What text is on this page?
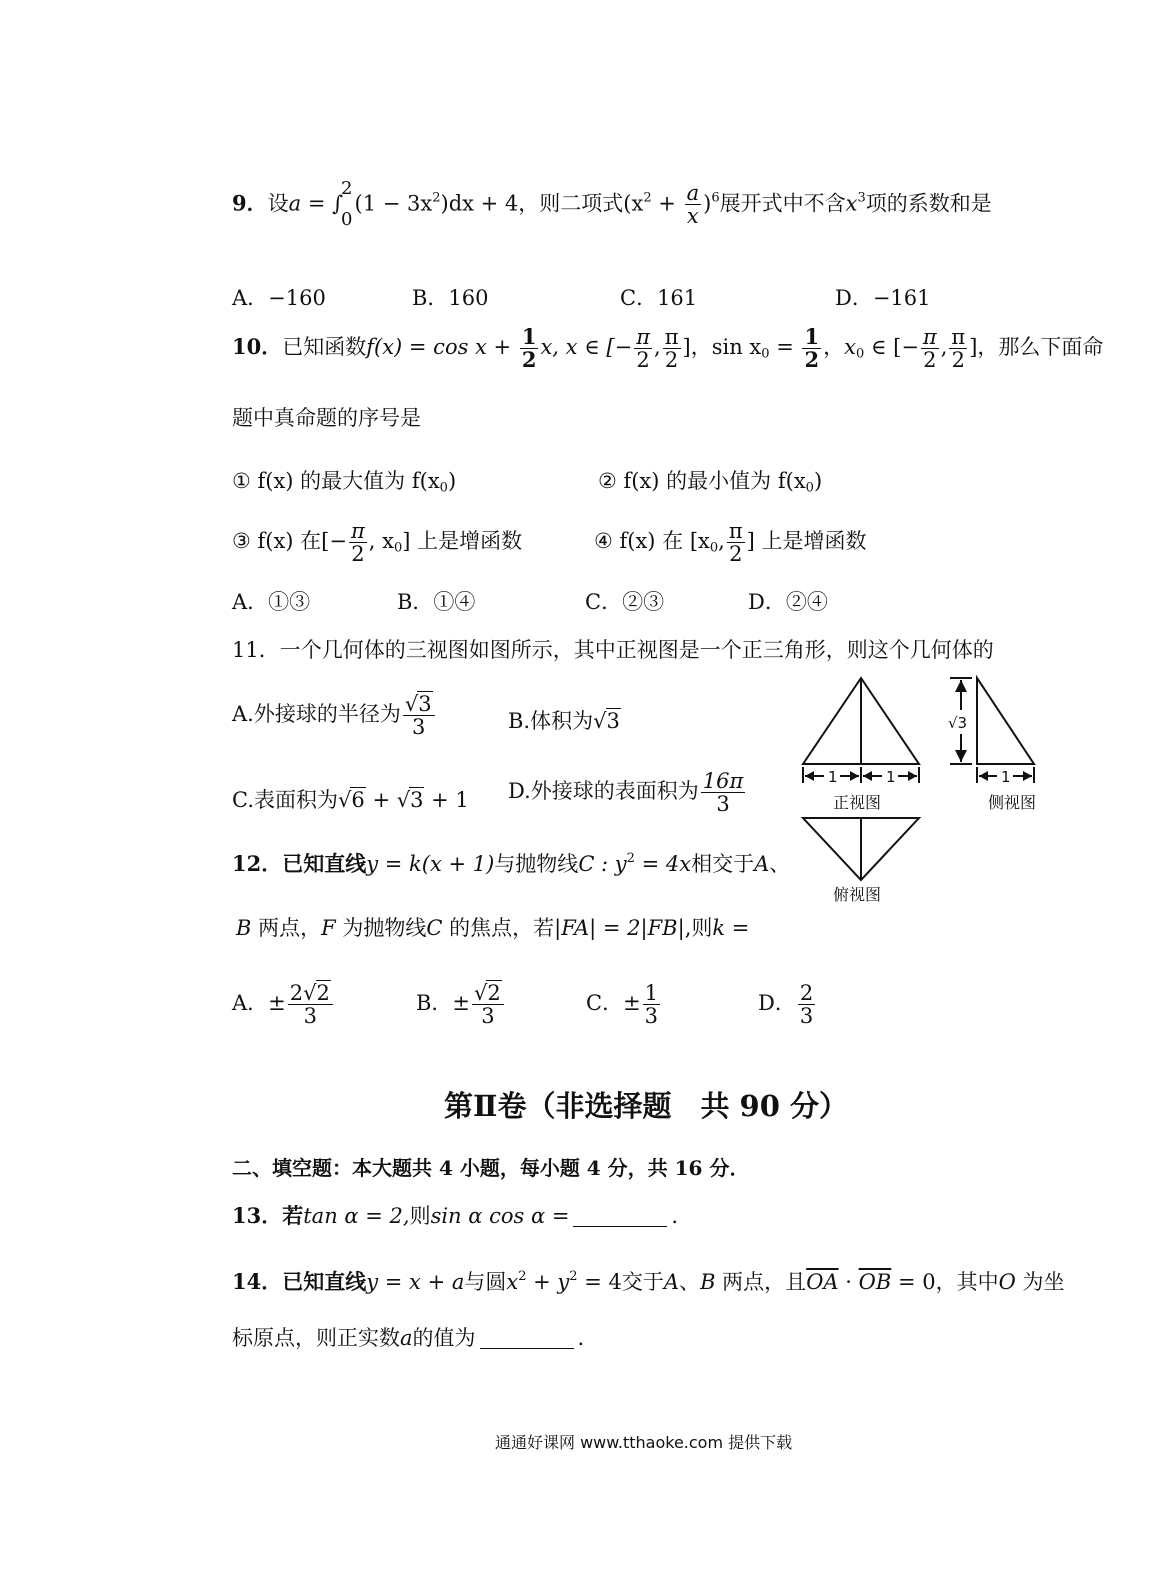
9．设a = ∫
2
0
$(1 - 3x^2)dx + 4$，则二项式$(x^2 + \frac{a}{x} )^6$展开式中不含$x^3$项的系数和是
A．−160	B．160	C．161	D．−161
10．已知函数$f(x) = \cos x + \frac{1}{2} x$, x ∈ [− $\frac{\pi}{2}$ , $\frac{\pi}{2}$ ]，$\sin x_0 = \frac{1}{2}$ ，$x_0$ ∈ [− $\frac{\pi}{2}$ , $\frac{\pi}{2}$ ]，那么下面命
题中真命题的序号是
① f(x) 的最大值为 $f(x_0)$	② f(x) 的最小值为 $f(x_0)$
③ f(x) 在[− $\frac{\pi}{2}$ , $x_0$] 上是增函数	④ f(x) 在 [$x_0$, $\frac{\pi}{2}$ ] 上是增函数
A．①③	B．①④	C．②③	D．②④
11．一个几何体的三视图如图所示，其中正视图是一个正三角形，则这个几何体的
A.外接球的半径为 $\frac{√3}{3}$	B.体积为√3
C.表面积为√6 + √3 + 1 D.外接球的表面积为 $\frac{16\pi}{3}$	1	1	1
√3
正视图	侧视图
俯视图
12．已知直线y = k(x + 1)与抛物线C : $y^2 = 4x$相交于A、
B 两点，F 为抛物线C 的焦点，若|FA| = 2|FB|,则k =
A．± $\frac{2√2}{3}$	B．± $\frac{√2}{3}$	C．± $\frac{1}{3}$	D． $\frac{2}{3}$
第Ⅱ卷（非选择题　共 90 分）
二、填空题：本大题共 4 小题，每小题 4 分，共 16 分．
13．若tan α = 2,则sin α cos α =	.
14．已知直线y = x + a与圆$x^2 + y^2 = 4$交于A、B 两点，且$\overline{OA} \cdot \overline{OB} = 0$，其中O 为坐
标原点，则正实数a的值为	.
通通好课网 www.tthaoke.com 提供下载
